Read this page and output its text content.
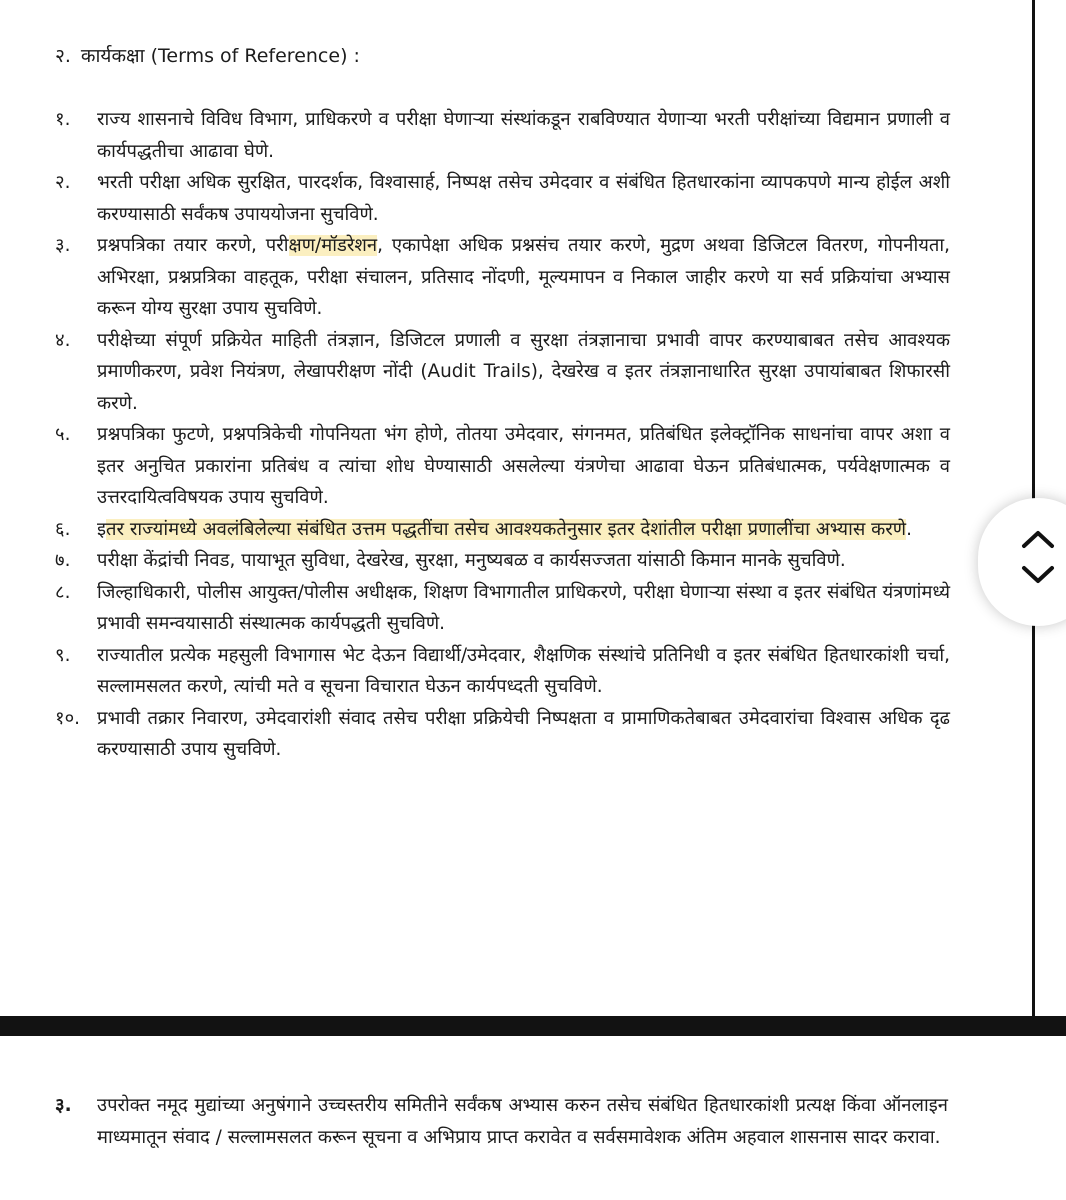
२. कार्यकक्षा (Terms of Reference) :
१. राज्य शासनाचे विविध विभाग, प्राधिकरणे व परीक्षा घेणाऱ्या संस्थांकडून राबविण्यात येणाऱ्या भरती परीक्षांच्या विद्यमान प्रणाली व कार्यपद्धतीचा आढावा घेणे.
२. भरती परीक्षा अधिक सुरक्षित, पारदर्शक, विश्वासार्ह, निष्पक्ष तसेच उमेदवार व संबंधित हितधारकांना व्यापकपणे मान्य होईल अशी करण्यासाठी सर्वंकष उपाययोजना सुचविणे.
३. प्रश्नपत्रिका तयार करणे, परीक्षण/मॉडरेशन, एकापेक्षा अधिक प्रश्नसंच तयार करणे, मुद्रण अथवा डिजिटल वितरण, गोपनीयता, अभिरक्षा, प्रश्नप्रत्रिका वाहतूक, परीक्षा संचालन, प्रतिसाद नोंदणी, मूल्यमापन व निकाल जाहीर करणे या सर्व प्रक्रियांचा अभ्यास करून योग्य सुरक्षा उपाय सुचविणे.
४. परीक्षेच्या संपूर्ण प्रक्रियेत माहिती तंत्रज्ञान, डिजिटल प्रणाली व सुरक्षा तंत्रज्ञानाचा प्रभावी वापर करण्याबाबत तसेच आवश्यक प्रमाणीकरण, प्रवेश नियंत्रण, लेखापरीक्षण नोंदी (Audit Trails), देखरेख व इतर तंत्रज्ञानाधारित सुरक्षा उपायांबाबत शिफारसी करणे.
५. प्रश्नपत्रिका फुटणे, प्रश्नपत्रिकेची गोपनियता भंग होणे, तोतया उमेदवार, संगनमत, प्रतिबंधित इलेक्ट्रॉनिक साधनांचा वापर अशा व इतर अनुचित प्रकारांना प्रतिबंध व त्यांचा शोध घेण्यासाठी असलेल्या यंत्रणेचा आढावा घेऊन प्रतिबंधात्मक, पर्यवेक्षणात्मक व उत्तरदायित्वविषयक उपाय सुचविणे.
६. इतर राज्यांमध्ये अवलंबिलेल्या संबंधित उत्तम पद्धतींचा तसेच आवश्यकतेनुसार इतर देशांतील परीक्षा प्रणालींचा अभ्यास करणे.
७. परीक्षा केंद्रांची निवड, पायाभूत सुविधा, देखरेख, सुरक्षा, मनुष्यबळ व कार्यसज्जता यांसाठी किमान मानके सुचविणे.
८. जिल्हाधिकारी, पोलीस आयुक्त/पोलीस अधीक्षक, शिक्षण विभागातील प्राधिकरणे, परीक्षा घेणाऱ्या संस्था व इतर संबंधित यंत्रणांमध्ये प्रभावी समन्वयासाठी संस्थात्मक कार्यपद्धती सुचविणे.
९. राज्यातील प्रत्येक महसुली विभागास भेट देऊन विद्यार्थी/उमेदवार, शैक्षणिक संस्थांचे प्रतिनिधी व इतर संबंधित हितधारकांशी चर्चा, सल्लामसलत करणे, त्यांची मते व सूचना विचारात घेऊन कार्यपध्दती सुचविणे.
१०. प्रभावी तक्रार निवारण, उमेदवारांशी संवाद तसेच परीक्षा प्रक्रियेची निष्पक्षता व प्रामाणिकतेबाबत उमेदवारांचा विश्वास अधिक दृढ करण्यासाठी उपाय सुचविणे.
३.	उपरोक्त नमूद मुद्यांच्या अनुषंगाने उच्चस्तरीय समितीने सर्वंकष अभ्यास करुन तसेच संबंधित हितधारकांशी प्रत्यक्ष किंवा ऑनलाइन माध्यमातून संवाद / सल्लामसलत करून सूचना व अभिप्राय प्राप्त करावेत व सर्वसमावेशक अंतिम अहवाल शासनास सादर करावा.
